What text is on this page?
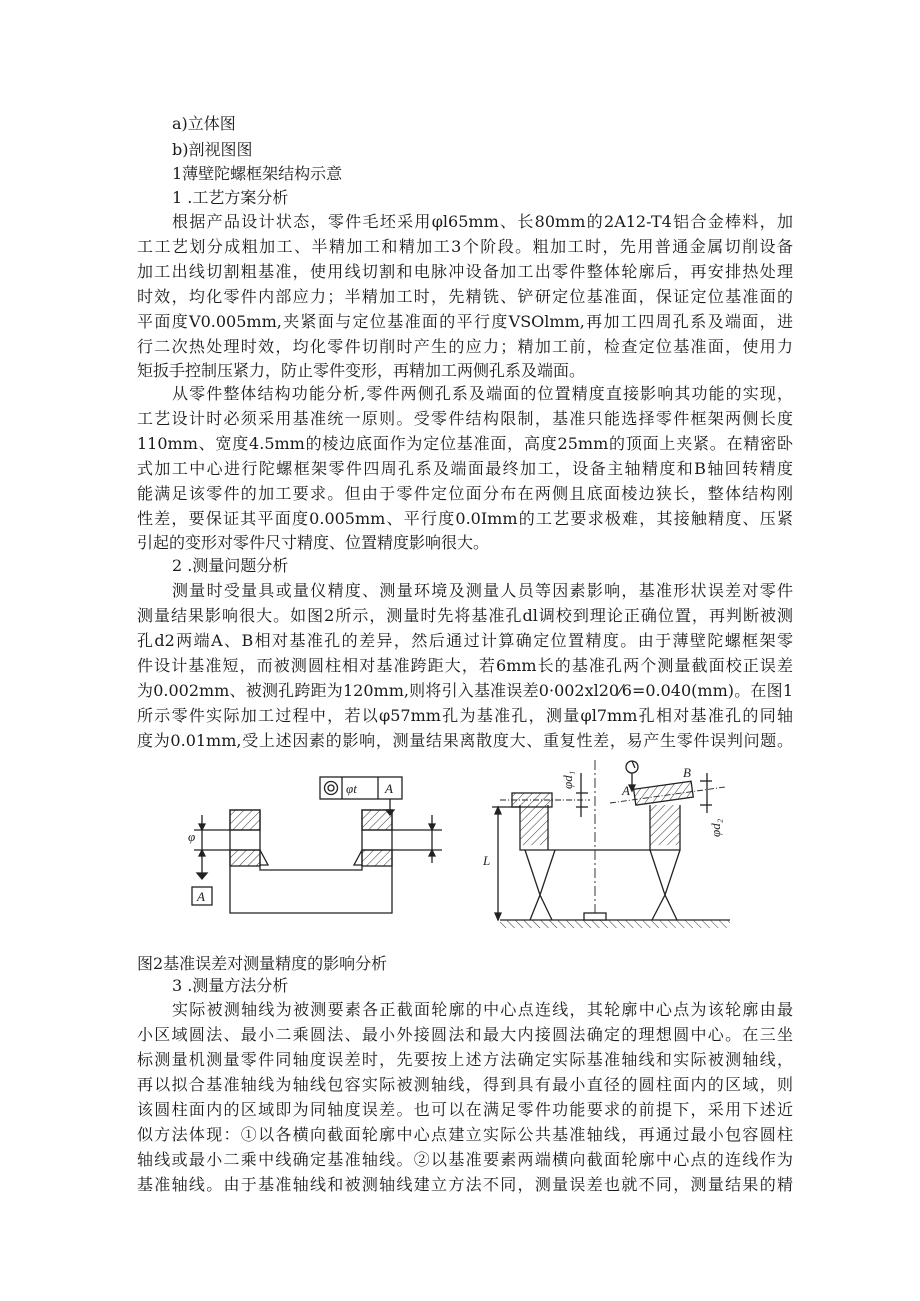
a)立体图
b)剖视图图
1薄壁陀螺框架结构示意
1 .工艺方案分析
根据产品设计状态，零件毛坯采用φl65mm、长80mm的2A12-T4铝合金棒料，加
工工艺划分成粗加工、半精加工和精加工3个阶段。粗加工时，先用普通金属切削设备
加工出线切割粗基准，使用线切割和电脉冲设备加工出零件整体轮廓后，再安排热处理
时效，均化零件内部应力；半精加工时，先精铣、铲研定位基准面，保证定位基准面的
平面度V0.005mm,夹紧面与定位基准面的平行度VSOlmm,再加工四周孔系及端面，进
行二次热处理时效，均化零件切削时产生的应力；精加工前，检查定位基准面，使用力
矩扳手控制压紧力，防止零件变形，再精加工两侧孔系及端面。
从零件整体结构功能分析,零件两侧孔系及端面的位置精度直接影响其功能的实现，
工艺设计时必须采用基准统一原则。受零件结构限制，基准只能选择零件框架两侧长度
110mm、宽度4.5mm的棱边底面作为定位基准面，高度25mm的顶面上夹紧。在精密卧
式加工中心进行陀螺框架零件四周孔系及端面最终加工，设备主轴精度和B轴回转精度
能满足该零件的加工要求。但由于零件定位面分布在两侧且底面棱边狭长，整体结构刚
性差，要保证其平面度0.005mm、平行度0.0Imm的工艺要求极难，其接触精度、压紧
引起的变形对零件尺寸精度、位置精度影响很大。
2 .测量问题分析
测量时受量具或量仪精度、测量环境及测量人员等因素影响，基准形状误差对零件
测量结果影响很大。如图2所示，测量时先将基准孔dl调校到理论正确位置，再判断被测
孔d2两端A、B相对基准孔的差异，然后通过计算确定位置精度。由于薄壁陀螺框架零
件设计基准短，而被测圆柱相对基准跨距大，若6mm长的基准孔两个测量截面校正误差
为0.002mm、被测孔跨距为120mm,则将引入基准误差0·002xl20⁄6=0.040(mm)。在图1
所示零件实际加工过程中，若以φ57mm孔为基准孔，测量φl7mm孔相对基准孔的同轴
度为0.01mm,受上述因素的影响，测量结果离散度大、重复性差，易产生零件误判问题。
φt A
φ
A
φd₁
φd₂
A
B
L
图2基准误差对测量精度的影响分析
3 .测量方法分析
实际被测轴线为被测要素各正截面轮廓的中心点连线，其轮廓中心点为该轮廓由最
小区域圆法、最小二乘圆法、最小外接圆法和最大内接圆法确定的理想圆中心。在三坐
标测量机测量零件同轴度误差时，先要按上述方法确定实际基准轴线和实际被测轴线，
再以拟合基准轴线为轴线包容实际被测轴线，得到具有最小直径的圆柱面内的区域，则
该圆柱面内的区域即为同轴度误差。也可以在满足零件功能要求的前提下，采用下述近
似方法体现：①以各横向截面轮廓中心点建立实际公共基准轴线，再通过最小包容圆柱
轴线或最小二乘中线确定基准轴线。②以基准要素两端横向截面轮廓中心点的连线作为
基准轴线。由于基准轴线和被测轴线建立方法不同，测量误差也就不同，测量结果的精
